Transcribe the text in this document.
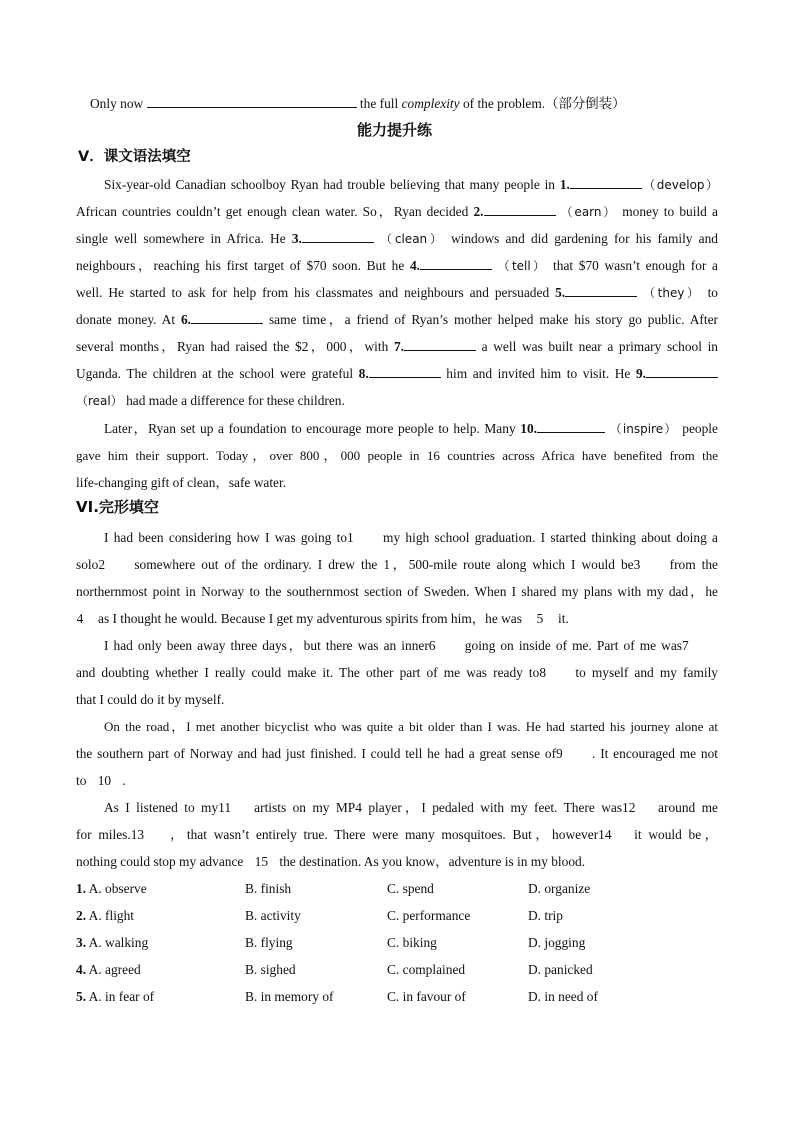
Only now	the full complexity of the problem.（部分倒装）
能力提升练
V．课文语法填空
Six-year-old Canadian schoolboy Ryan had trouble believing that many people in 1.	（develop）
African countries couldn’t get enough clean water. So，Ryan decided 2.	（earn） money to build a
single well somewhere in Africa. He 3.	（clean） windows and did gardening for his family and
neighbours，reaching his first target of $70 soon. But he 4.	（tell） that $70 wasn’t enough for a
well. He started to ask for help from his classmates and neighbours and persuaded 5.	（they） to
donate money. At 6.	same time，a friend of Ryan’s mother helped make his story go public. After
several months，Ryan had raised the $2，000，with 7.	a well was built near a primary school in
Uganda. The children at the school were grateful 8.	him and invited him to visit. He 9.
（real） had made a difference for these children.
Later，Ryan set up a foundation to encourage more people to help. Many 10.	（inspire） people
gave him their support. Today，over 800，000 people in 16 countries across Africa have benefited from the
life-changing gift of clean，safe water.
VI.完形填空
I had been considering how I was going to1 my high school graduation. I started thinking about doing a
solo2 somewhere out of the ordinary. I drew the 1，500-mile route along which I would be3 from the
northernmost point in Norway to the southernmost section of Sweden. When I shared my plans with my dad，he
4 as I thought he would. Because I get my adventurous spirits from him，he was 5 it.
I had only been away three days，but there was an inner6 going on inside of me. Part of me was7
and doubting whether I really could make it. The other part of me was ready to8 to myself and my family
that I could do it by myself.
On the road，I met another bicyclist who was quite a bit older than I was. He had started his journey alone at
the southern part of Norway and had just finished. I could tell he had a great sense of9 . It encouraged me not
to 10 .
As I listened to my11 artists on my MP4 player，I pedaled with my feet. There was12 around me
for miles.13 ，that wasn’t entirely true. There were many mosquitoes. But，however14 it would be，
nothing could stop my advance 15 the destination. As you know，adventure is in my blood.
1. A. observe	B. finish	C. spend	D. organize
2. A. flight	B. activity	C. performance	D. trip
3. A. walking	B. flying	C. biking	D. jogging
4. A. agreed	B. sighed	C. complained	D. panicked
5. A. in fear of	B. in memory of	C. in favour of	D. in need of
